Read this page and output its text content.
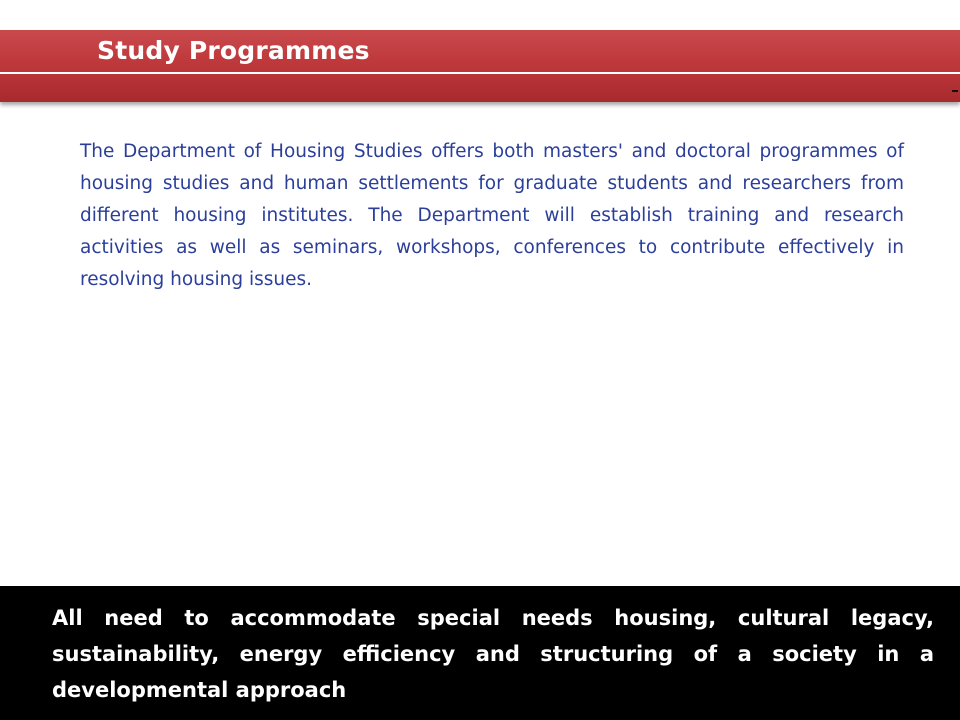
Study Programmes

The Department of Housing Studies offers both masters' and doctoral programmes of housing studies and human settlements for graduate students and researchers from different housing institutes. The Department will establish training and research activities as well as seminars, workshops, conferences to contribute effectively in resolving housing issues.

All need to accommodate special needs housing, cultural legacy, sustainability, energy efficiency and structuring of a society in a developmental approach
